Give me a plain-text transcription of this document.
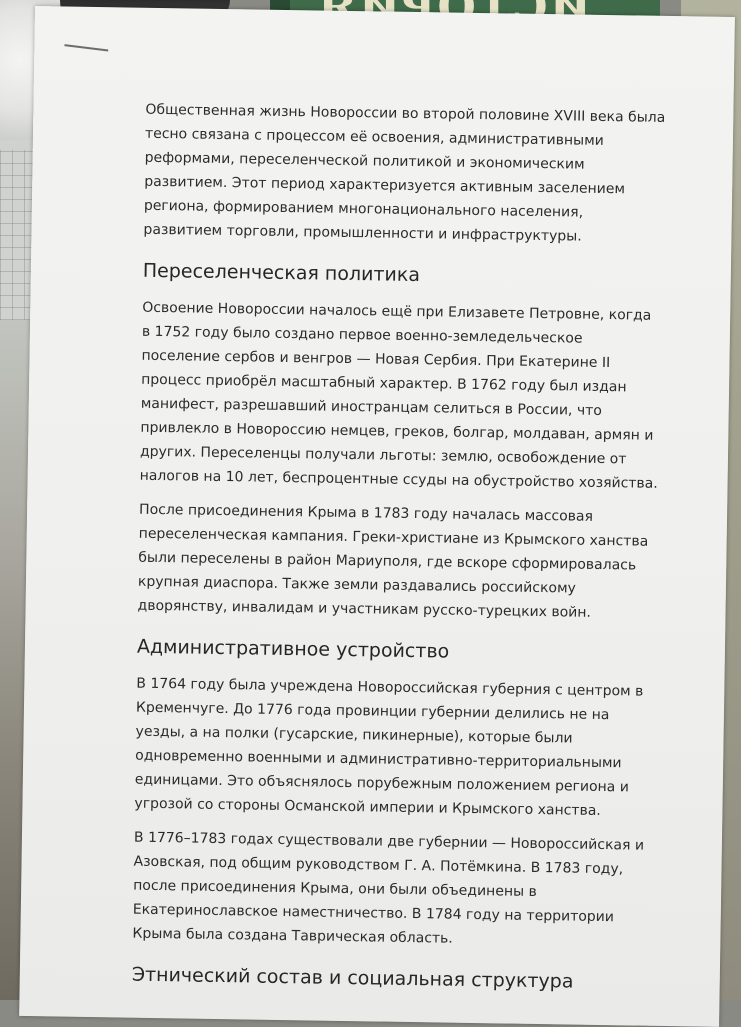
Общественная жизнь Новороссии во второй половине XVIII века была тесно связана с процессом её освоения, административными реформами, переселенческой политикой и экономическим развитием. Этот период характеризуется активным заселением региона, формированием многонационального населения, развитием торговли, промышленности и инфраструктуры.

Переселенческая политика

Освоение Новороссии началось ещё при Елизавете Петровне, когда в 1752 году было создано первое военно-земледельческое поселение сербов и венгров — Новая Сербия. При Екатерине II процесс приобрёл масштабный характер. В 1762 году был издан манифест, разрешавший иностранцам селиться в России, что привлекло в Новороссию немцев, греков, болгар, молдаван, армян и других. Переселенцы получали льготы: землю, освобождение от налогов на 10 лет, беспроцентные ссуды на обустройство хозяйства.

После присоединения Крыма в 1783 году началась массовая переселенческая кампания. Греки-христиане из Крымского ханства были переселены в район Мариуполя, где вскоре сформировалась крупная диаспора. Также земли раздавались российскому дворянству, инвалидам и участникам русско-турецких войн.

Административное устройство

В 1764 году была учреждена Новороссийская губерния с центром в Кременчуге. До 1776 года провинции губернии делились не на уезды, а на полки (гусарские, пикинерные), которые были одновременно военными и административно-территориальными единицами. Это объяснялось порубежным положением региона и угрозой со стороны Османской империи и Крымского ханства.

В 1776–1783 годах существовали две губернии — Новороссийская и Азовская, под общим руководством Г. А. Потёмкина. В 1783 году, после присоединения Крыма, они были объединены в Екатеринославское наместничество. В 1784 году на территории Крыма была создана Таврическая область.

Этнический состав и социальная структура
